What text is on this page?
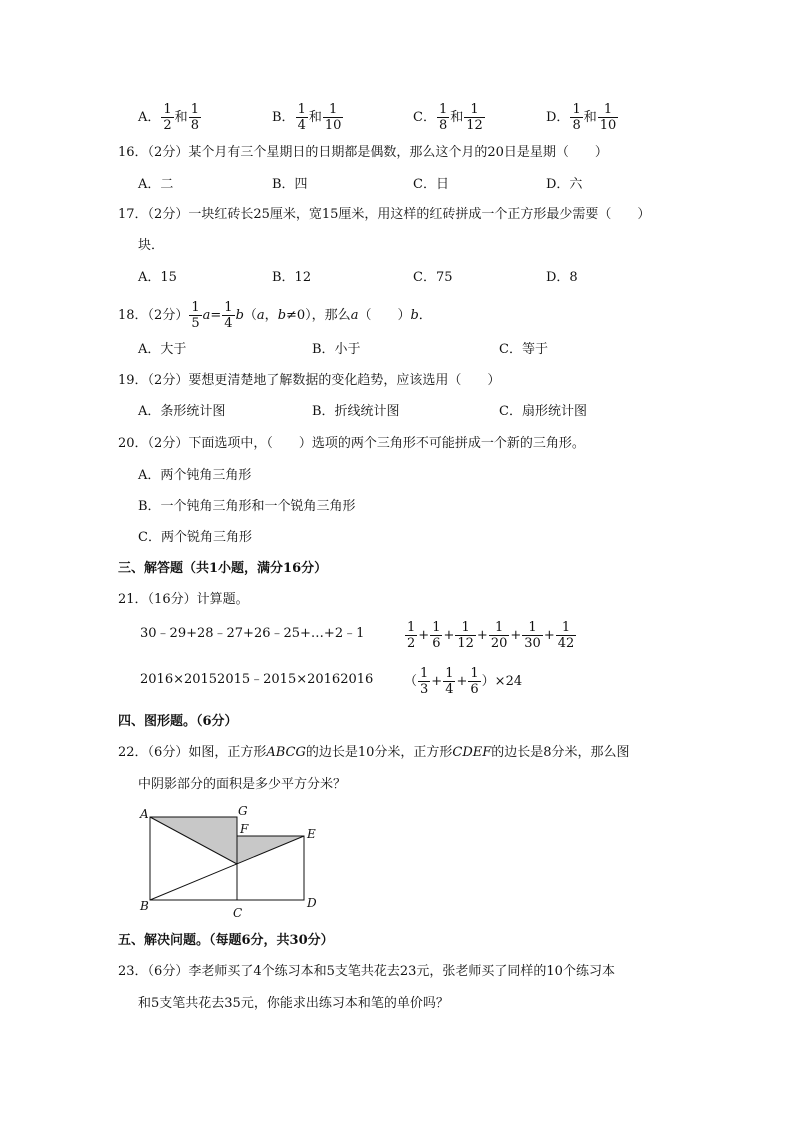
A． $\frac{1}{2}$ 和 $\frac{1}{8}$	B． $\frac{1}{4}$ 和 $\frac{1}{10}$	C． $\frac{1}{8}$ 和 $\frac{1}{12}$	D． $\frac{1}{8}$ 和 $\frac{1}{10}$
16．（2分）某个月有三个星期日的日期都是偶数，那么这个月的20日是星期（　　）
A．二	B．四	C．日	D．六
17．（2分）一块红砖长25厘米，宽15厘米，用这样的红砖拼成一个正方形最少需要（　　）
块．
A．15	B．12	C．75	D．8
18．（2分） $\frac{1}{5} a= \frac{1}{4} b(a$，b≠0），那么a（　　）b．
A．大于	B．小于	C．等于
19．（2分）要想更清楚地了解数据的变化趋势，应该选用（　　）
A．条形统计图	B．折线统计图	C．扇形统计图
20．（2分）下面选项中，（　　）选项的两个三角形不可能拼成一个新的三角形。
A．两个钝角三角形
B．一个钝角三角形和一个锐角三角形
C．两个锐角三角形
三、解答题（共1小题，满分16分）
21．（16分）计算题。
30﹣29+28﹣27+26﹣25+…+2﹣1	$\frac{1}{2} + \frac{1}{6} + \frac{1}{12} + \frac{1}{20} + \frac{1}{30} + \frac{1}{42}$
2016×20152015﹣2015×20162016 （ $\frac{1}{3} + \frac{1}{4} + \frac{1}{6} )\times 24$
四、图形题。（6分）
22．（6分）如图，正方形ABCG的边长是10分米，正方形CDEF的边长是8分米，那么图
中阴影部分的面积是多少平方分米？
A	G
F	E
B	C
D
五、解决问题。（每题6分，共30分）
23．（6分）李老师买了4个练习本和5支笔共花去23元，张老师买了同样的10个练习本
和5支笔共花去35元，你能求出练习本和笔的单价吗？
